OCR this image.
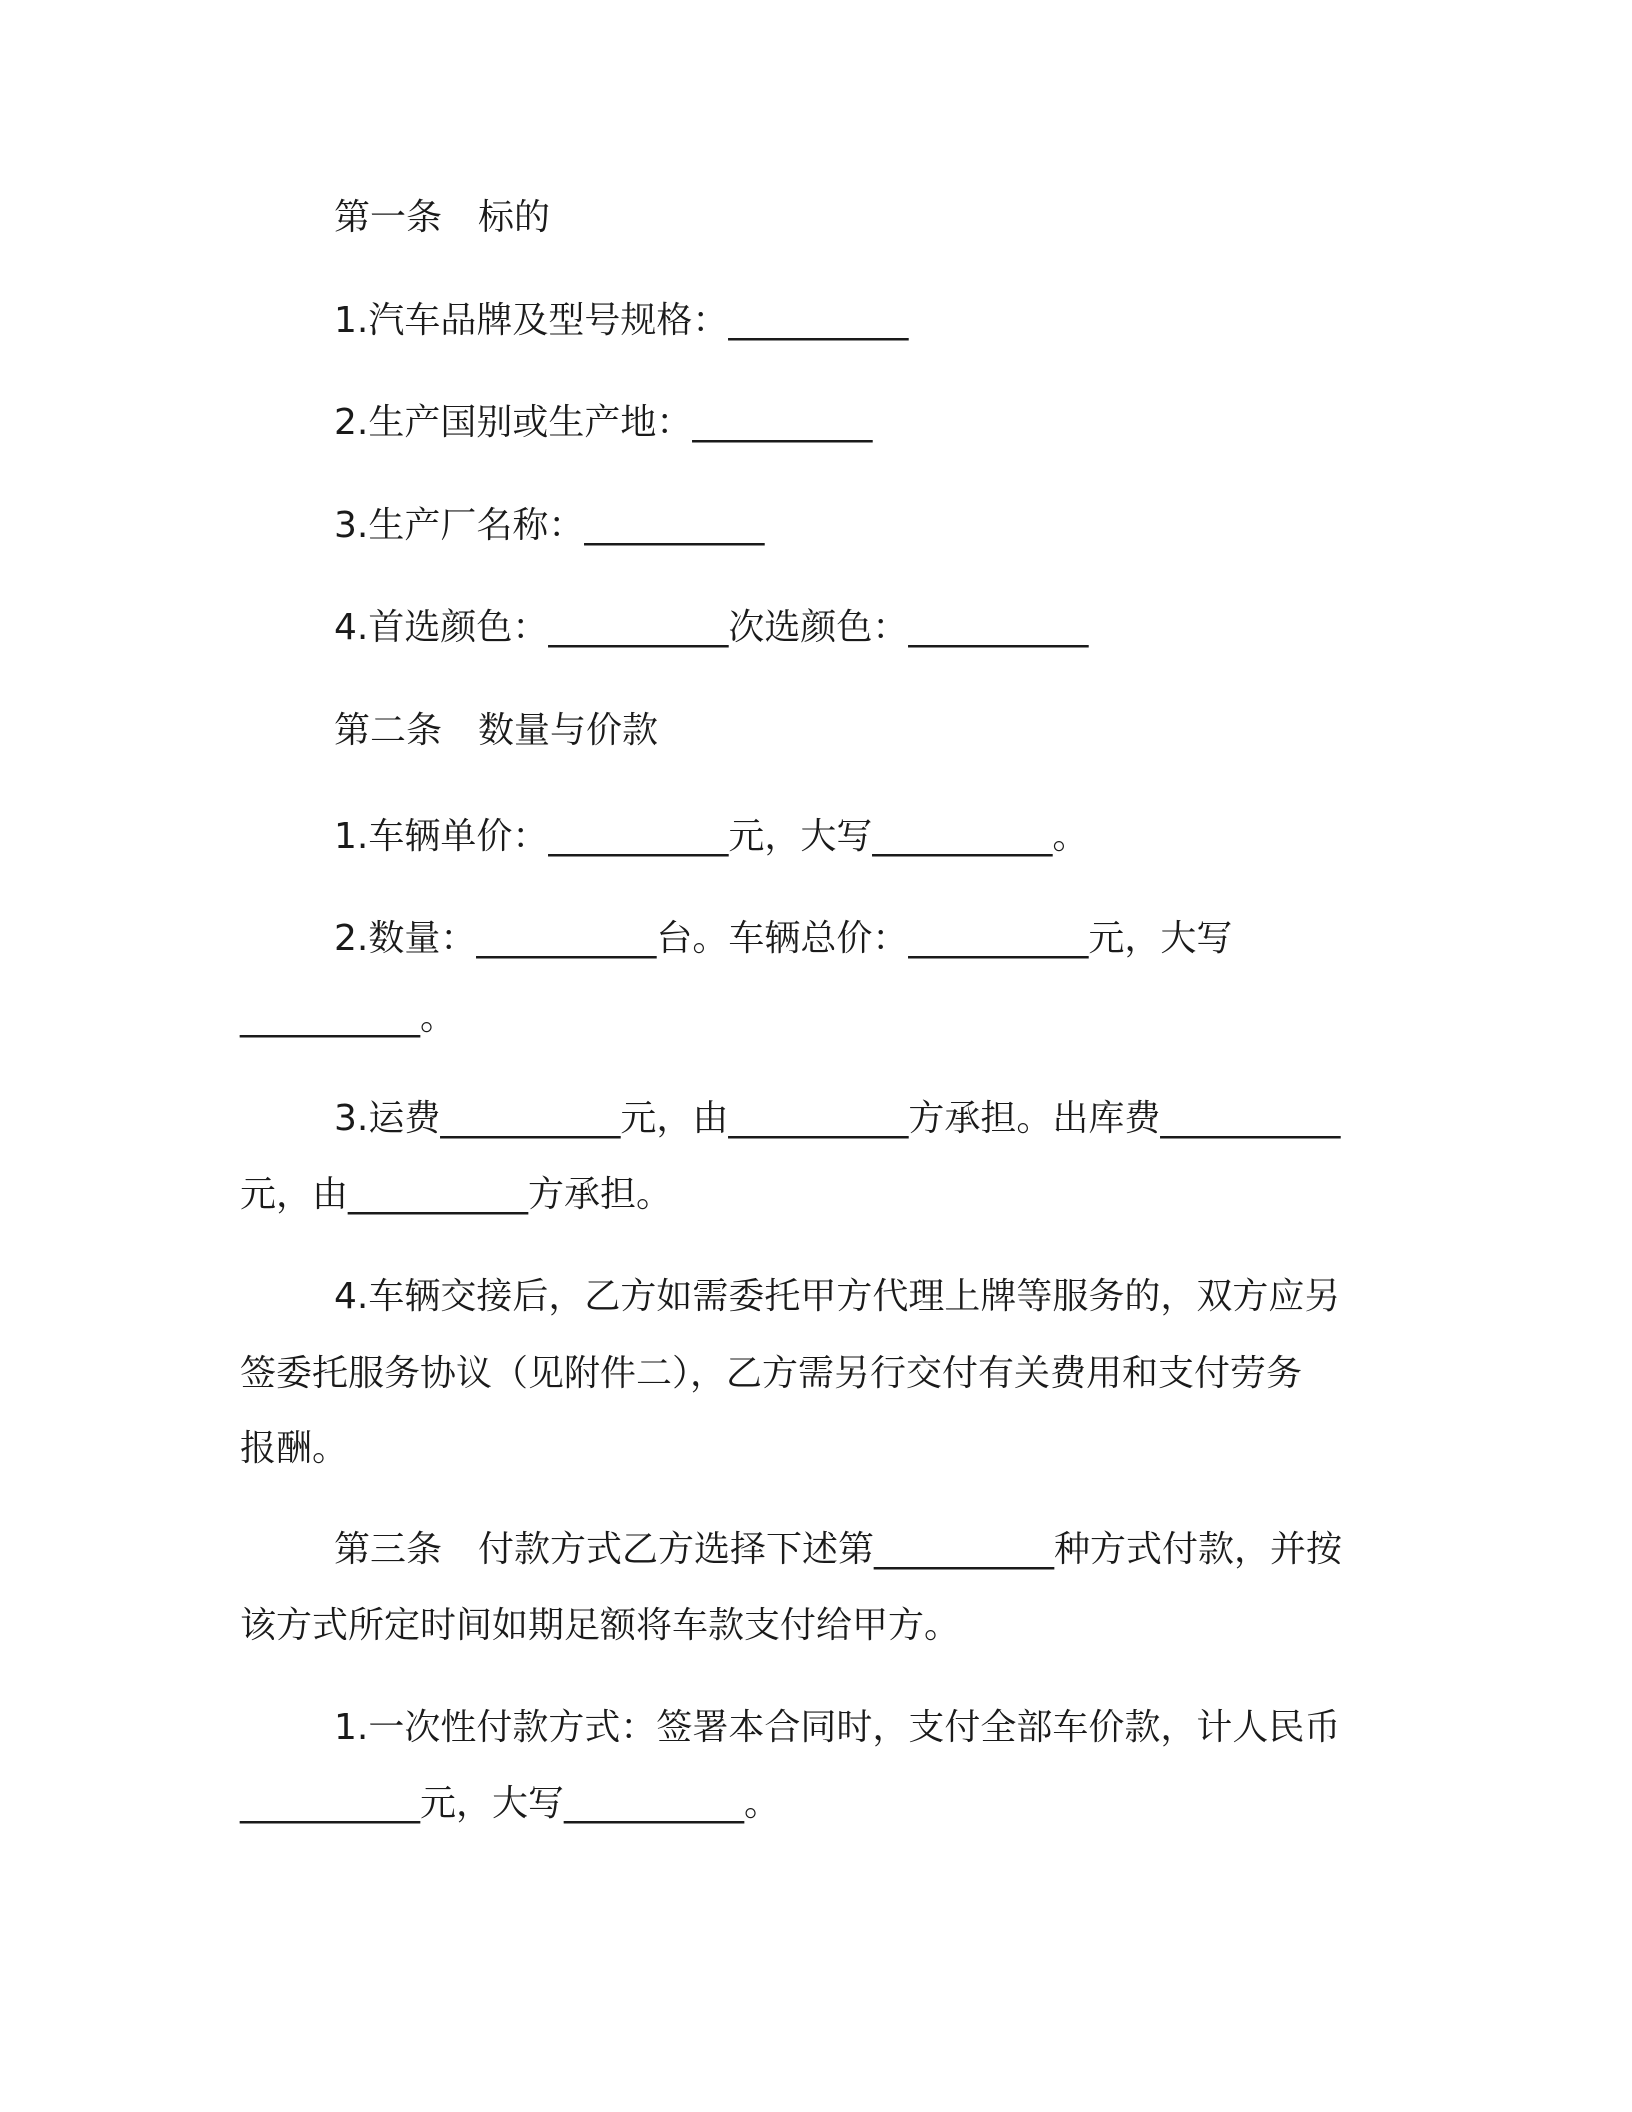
第一条　标的
1.汽车品牌及型号规格：__________
2.生产国别或生产地：__________
3.生产厂名称：__________
4.首选颜色：__________次选颜色：__________
第二条　数量与价款
1.车辆单价：__________元，大写__________。
2.数量：__________台。车辆总价：__________元，大写
__________。
3.运费__________元，由__________方承担。出库费__________
元，由__________方承担。
4.车辆交接后，乙方如需委托甲方代理上牌等服务的，双方应另
签委托服务协议（见附件二），乙方需另行交付有关费用和支付劳务
报酬。
第三条　付款方式乙方选择下述第__________种方式付款，并按
该方式所定时间如期足额将车款支付给甲方。
1.一次性付款方式：签署本合同时，支付全部车价款，计人民币
__________元，大写__________。
